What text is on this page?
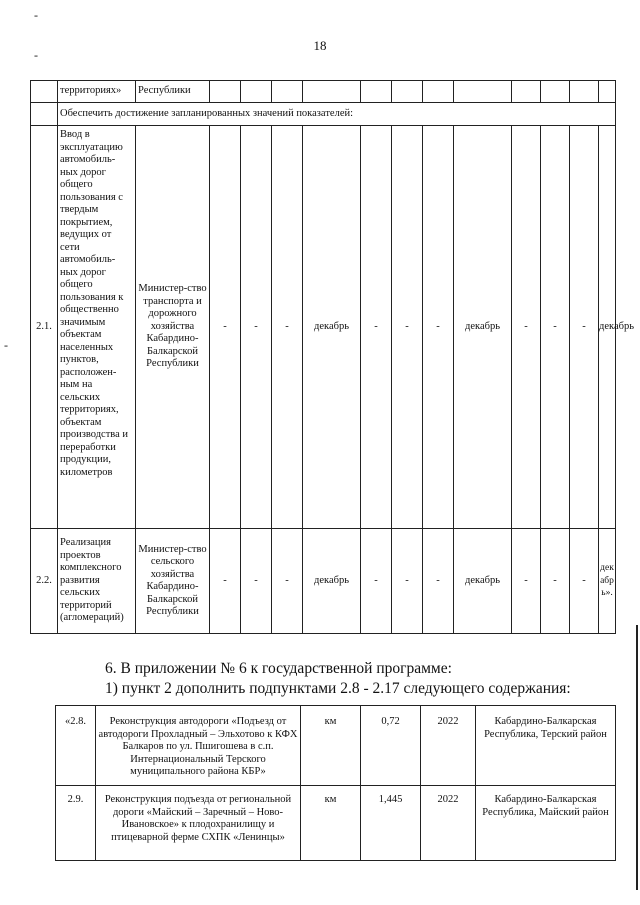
-
-
-
18
	территориях»	Республики												
	Обеспечить достижение запланированных значений показателей:													
2.1.	Ввод в эксплуатацию автомобиль-ных дорог общего пользования с твердым покрытием, ведущих от сети автомобиль-ных дорог общего пользования к общественно значимым объектам населенных пунктов, расположен-ным на сельских территориях, объектам производства и переработки продукции, километров	Министер-ство транспорта и дорожного хозяйства Кабардино-Балкарской Республики	-	-	-	декабрь	-	-	-	декабрь	-	-	-	декабрь
2.2.	Реализация проектов комплексного развития сельских территорий (агломераций)	Министер-ство сельского хозяйства Кабардино-Балкарской Республики	-	-	-	декабрь	-	-	-	декабрь	-	-	-	декабрь».
6. В приложении № 6 к государственной программе:
1) пункт 2 дополнить подпунктами 2.8 - 2.17 следующего содержания:
«2.8.	Реконструкция автодороги «Подъезд от автодороги Прохладный – Эльхотово к КФХ Балкаров по ул. Пшигошева в с.п. Интернациональный Терского муниципального района КБР»	км	0,72	2022	Кабардино-Балкарская Республика, Терский район
2.9.	Реконструкция подъезда от региональной дороги «Майский – Заречный – Ново-Ивановское» к плодохранилищу и птицеварной ферме СХПК «Ленинцы»	км	1,445	2022	Кабардино-Балкарская Республика, Майский район
